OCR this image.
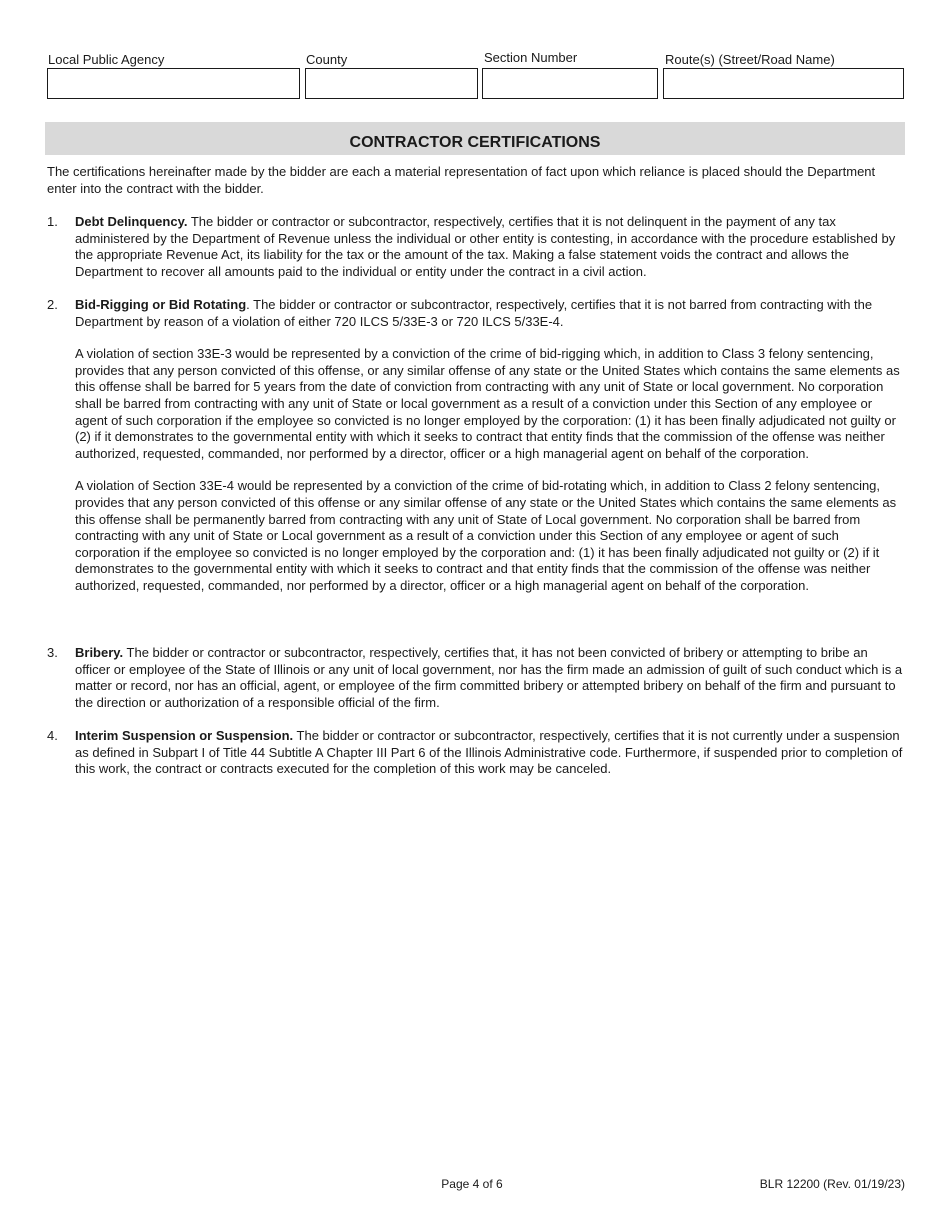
Local Public Agency	County	Section Number	Route(s) (Street/Road Name)
CONTRACTOR CERTIFICATIONS
The certifications hereinafter made by the bidder are each a material representation of fact upon which reliance is placed should the Department enter into the contract with the bidder.
1. Debt Delinquency. The bidder or contractor or subcontractor, respectively, certifies that it is not delinquent in the payment of any tax administered by the Department of Revenue unless the individual or other entity is contesting, in accordance with the procedure established by the appropriate Revenue Act, its liability for the tax or the amount of the tax. Making a false statement voids the contract and allows the Department to recover all amounts paid to the individual or entity under the contract in a civil action.
2. Bid-Rigging or Bid Rotating. The bidder or contractor or subcontractor, respectively, certifies that it is not barred from contracting with the Department by reason of a violation of either 720 ILCS 5/33E-3 or 720 ILCS 5/33E-4.
A violation of section 33E-3 would be represented by a conviction of the crime of bid-rigging which, in addition to Class 3 felony sentencing, provides that any person convicted of this offense, or any similar offense of any state or the United States which contains the same elements as this offense shall be barred for 5 years from the date of conviction from contracting with any unit of State or local government. No corporation shall be barred from contracting with any unit of State or local government as a result of a conviction under this Section of any employee or agent of such corporation if the employee so convicted is no longer employed by the corporation: (1) it has been finally adjudicated not guilty or (2) if it demonstrates to the governmental entity with which it seeks to contract that entity finds that the commission of the offense was neither authorized, requested, commanded, nor performed by a director, officer or a high managerial agent on behalf of the corporation.
A violation of Section 33E-4 would be represented by a conviction of the crime of bid-rotating which, in addition to Class 2 felony sentencing, provides that any person convicted of this offense or any similar offense of any state or the United States which contains the same elements as this offense shall be permanently barred from contracting with any unit of State of Local government. No corporation shall be barred from contracting with any unit of State or Local government as a result of a conviction under this Section of any employee or agent of such corporation if the employee so convicted is no longer employed by the corporation and: (1) it has been finally adjudicated not guilty or (2) if it demonstrates to the governmental entity with which it seeks to contract and that entity finds that the commission of the offense was neither authorized, requested, commanded, nor performed by a director, officer or a high managerial agent on behalf of the corporation.
3. Bribery. The bidder or contractor or subcontractor, respectively, certifies that, it has not been convicted of bribery or attempting to bribe an officer or employee of the State of Illinois or any unit of local government, nor has the firm made an admission of guilt of such conduct which is a matter or record, nor has an official, agent, or employee of the firm committed bribery or attempted bribery on behalf of the firm and pursuant to the direction or authorization of a responsible official of the firm.
4. Interim Suspension or Suspension. The bidder or contractor or subcontractor, respectively, certifies that it is not currently under a suspension as defined in Subpart I of Title 44 Subtitle A Chapter III Part 6 of the Illinois Administrative code. Furthermore, if suspended prior to completion of this work, the contract or contracts executed for the completion of this work may be canceled.
Page 4 of 6	BLR 12200 (Rev. 01/19/23)
